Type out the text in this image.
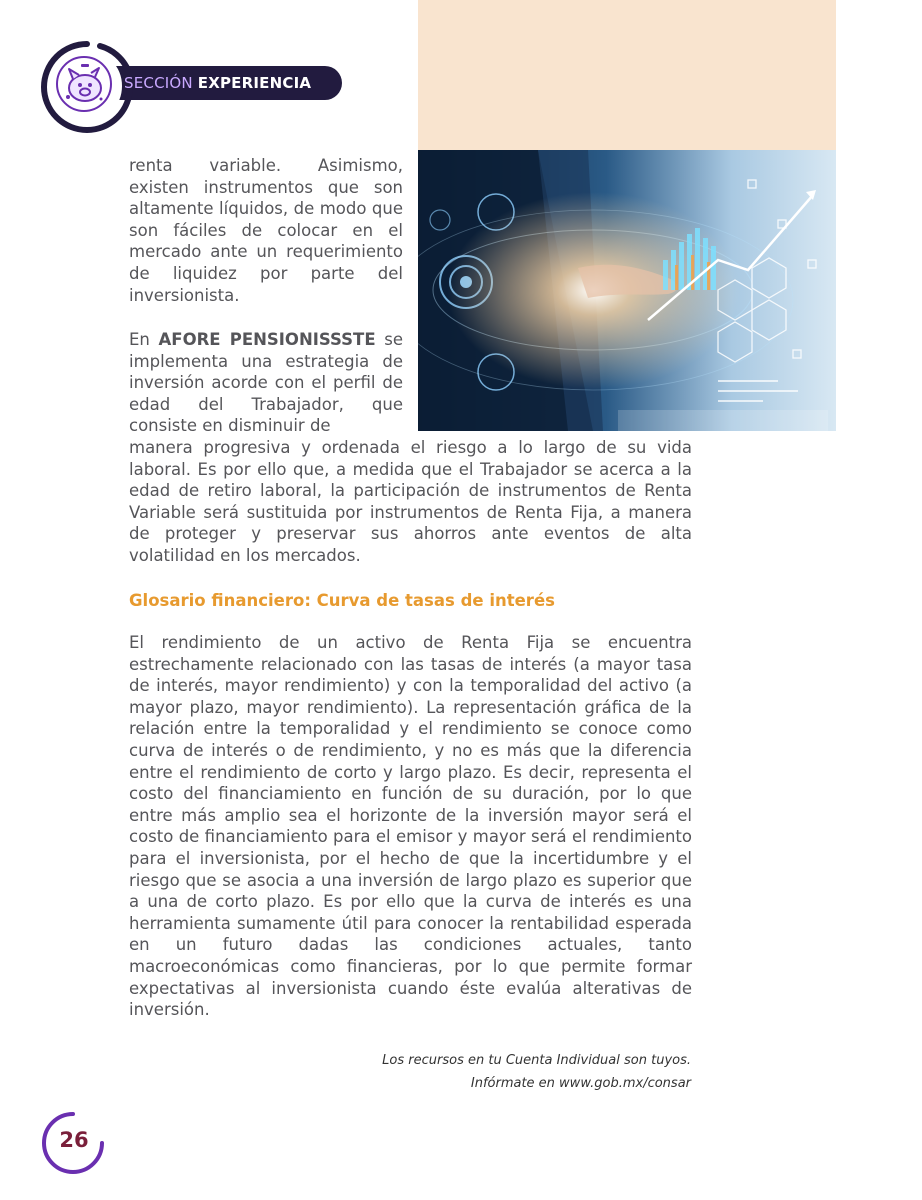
SECCIÓN EXPERIENCIA

renta variable. Asimismo, existen instrumentos que son altamente líquidos, de modo que son fáciles de colocar en el mercado ante un requerimiento de liquidez por parte del inversionista.

En AFORE PENSIONISSSTE se implementa una estrategia de inversión acorde con el perfil de edad del Trabajador, que consiste en disminuir de

manera progresiva y ordenada el riesgo a lo largo de su vida laboral. Es por ello que, a medida que el Trabajador se acerca a la edad de retiro laboral, la participación de instrumentos de Renta Variable será sustituida por instrumentos de Renta Fija, a manera de proteger y preservar sus ahorros ante eventos de alta volatilidad en los mercados.

Glosario financiero: Curva de tasas de interés

El rendimiento de un activo de Renta Fija se encuentra estrechamente relacionado con las tasas de interés (a mayor tasa de interés, mayor rendimiento) y con la temporalidad del activo (a mayor plazo, mayor rendimiento). La representación gráfica de la relación entre la temporalidad y el rendimiento se conoce como curva de interés o de rendimiento, y no es más que la diferencia entre el rendimiento de corto y largo plazo. Es decir, representa el costo del financiamiento en función de su duración, por lo que entre más amplio sea el horizonte de la inversión mayor será el costo de financiamiento para el emisor y mayor será el rendimiento para el inversionista, por el hecho de que la incertidumbre y el riesgo que se asocia a una inversión de largo plazo es superior que a una de corto plazo. Es por ello que la curva de interés es una herramienta sumamente útil para conocer la rentabilidad esperada en un futuro dadas las condiciones actuales, tanto macroeconómicas como financieras, por lo que permite formar expectativas al inversionista cuando éste evalúa alterativas de inversión.

Los recursos en tu Cuenta Individual son tuyos.
Infórmate en www.gob.mx/consar
26
